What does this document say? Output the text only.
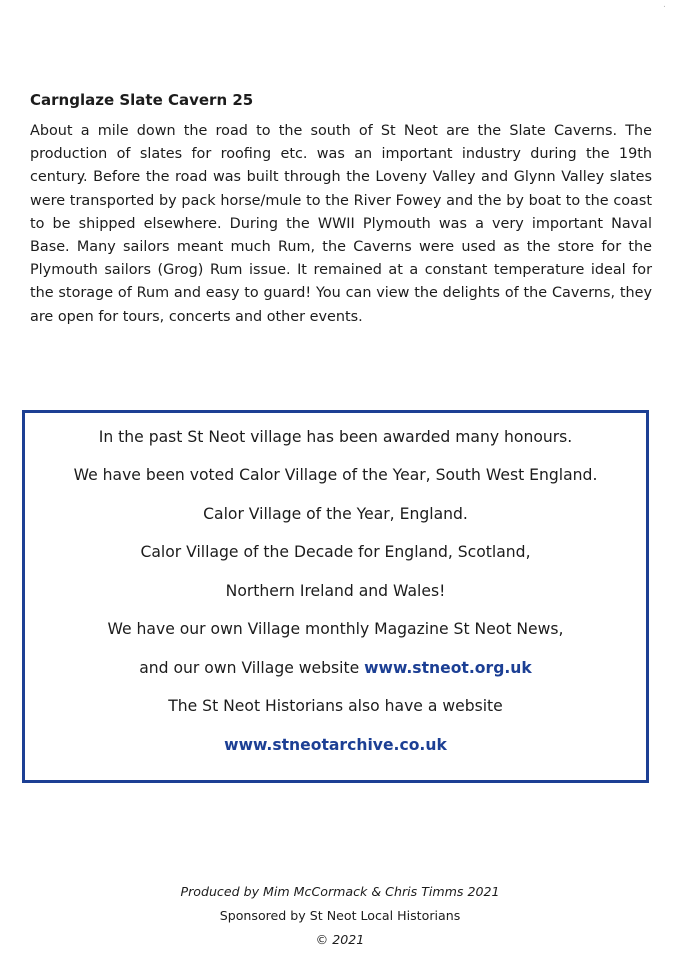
.
Carnglaze Slate Cavern 25

About a mile down the road to the south of St Neot are the Slate Caverns. The production of slates for roofing etc. was an important industry during the 19th century. Before the road was built through the Loveny Valley and Glynn Valley slates were transported by pack horse/mule to the River Fowey and the by boat to the coast to be shipped elsewhere. During the WWII Plymouth was a very important Naval Base. Many sailors meant much Rum, the Caverns were used as the store for the Plymouth sailors (Grog) Rum issue. It remained at a constant temperature ideal for the storage of Rum and easy to guard! You can view the delights of the Caverns, they are open for tours, concerts and other events.

In the past St Neot village has been awarded many honours.

We have been voted Calor Village of the Year, South West England.

Calor Village of the Year, England.

Calor Village of the Decade for England, Scotland,

Northern Ireland and Wales!

We have our own Village monthly Magazine St Neot News,

and our own Village website www.stneot.org.uk

The St Neot Historians also have a website

www.stneotarchive.co.uk

Produced by Mim McCormack & Chris Timms 2021

Sponsored by St Neot Local Historians

© 2021
